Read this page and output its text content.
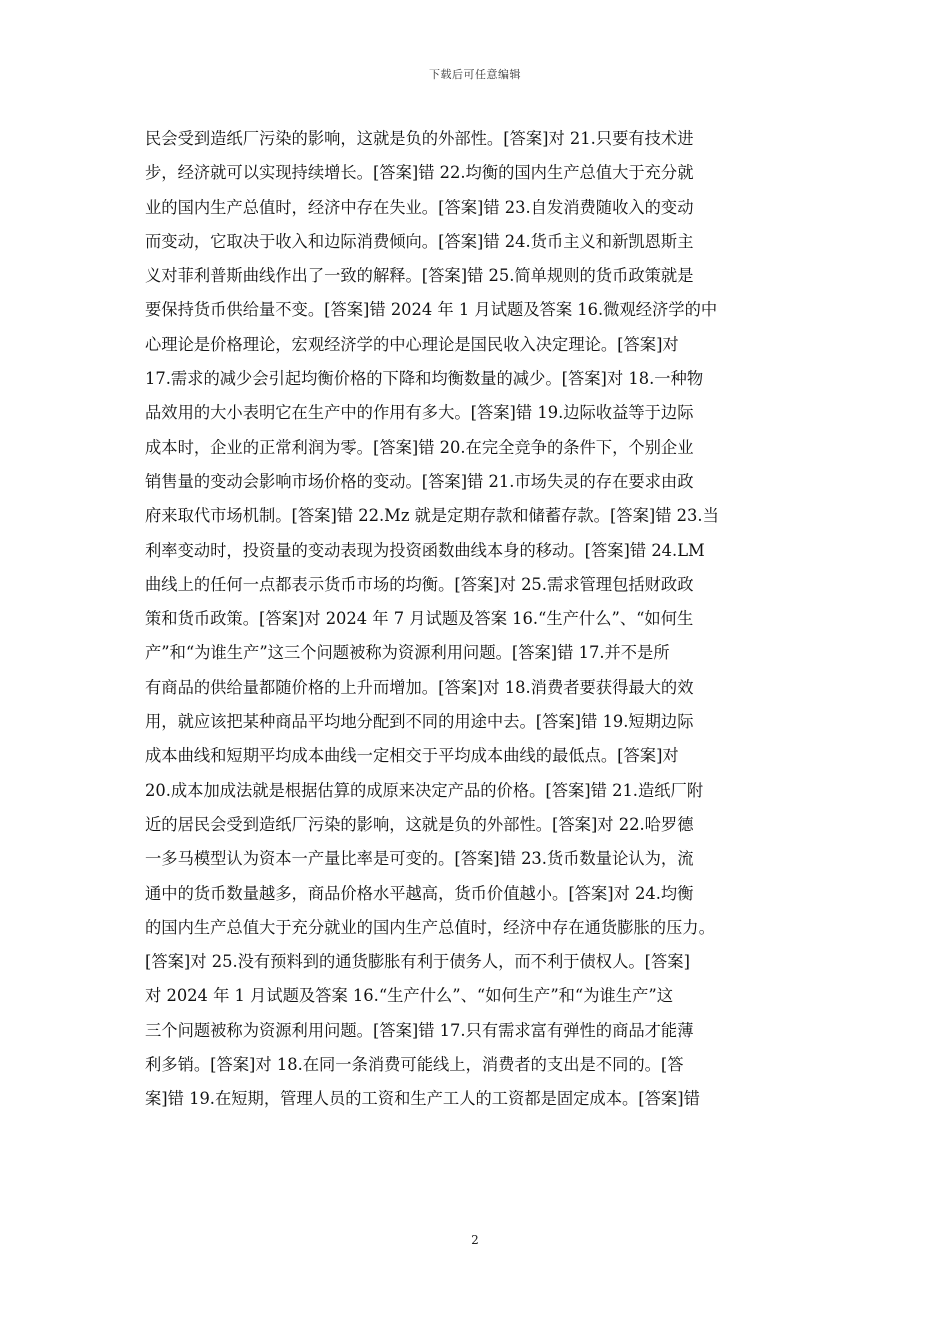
下载后可任意编辑
民会受到造纸厂污染的影响，这就是负的外部性。[答案]对 21.只要有技术进
步，经济就可以实现持续增长。[答案]错 22.均衡的国内生产总值大于充分就
业的国内生产总值时，经济中存在失业。[答案]错 23.自发消费随收入的变动
而变动，它取决于收入和边际消费倾向。[答案]错 24.货币主义和新凯恩斯主
义对菲利普斯曲线作出了一致的解释。[答案]错 25.简单规则的货币政策就是
要保持货币供给量不变。[答案]错 2024 年 1 月试题及答案 16.微观经济学的中
心理论是价格理论，宏观经济学的中心理论是国民收入决定理论。[答案]对
17.需求的减少会引起均衡价格的下降和均衡数量的减少。[答案]对 18.一种物
品效用的大小表明它在生产中的作用有多大。[答案]错 19.边际收益等于边际
成本时，企业的正常利润为零。[答案]错 20.在完全竞争的条件下，个别企业
销售量的变动会影响市场价格的变动。[答案]错 21.市场失灵的存在要求由政
府来取代市场机制。[答案]错 22.Mz 就是定期存款和储蓄存款。[答案]错 23.当
利率变动时，投资量的变动表现为投资函数曲线本身的移动。[答案]错 24.LM
曲线上的任何一点都表示货币市场的均衡。[答案]对 25.需求管理包括财政政
策和货币政策。[答案]对 2024 年 7 月试题及答案 16.“生产什么”、“如何生
产”和“为谁生产”这三个问题被称为资源利用问题。[答案]错 17.并不是所
有商品的供给量都随价格的上升而增加。[答案]对 18.消费者要获得最大的效
用，就应该把某种商品平均地分配到不同的用途中去。[答案]错 19.短期边际
成本曲线和短期平均成本曲线一定相交于平均成本曲线的最低点。[答案]对
20.成本加成法就是根据估算的成原来决定产品的价格。[答案]错 21.造纸厂附
近的居民会受到造纸厂污染的影响，这就是负的外部性。[答案]对 22.哈罗德
一多马模型认为资本一产量比率是可变的。[答案]错 23.货币数量论认为，流
通中的货币数量越多，商品价格水平越高，货币价值越小。[答案]对 24.均衡
的国内生产总值大于充分就业的国内生产总值时，经济中存在通货膨胀的压力。
[答案]对 25.没有预料到的通货膨胀有利于债务人，而不利于债权人。[答案]
对 2024 年 1 月试题及答案 16.“生产什么”、“如何生产”和“为谁生产”这
三个问题被称为资源利用问题。[答案]错 17.只有需求富有弹性的商品才能薄
利多销。[答案]对 18.在同一条消费可能线上，消费者的支出是不同的。[答
案]错 19.在短期，管理人员的工资和生产工人的工资都是固定成本。[答案]错
2
